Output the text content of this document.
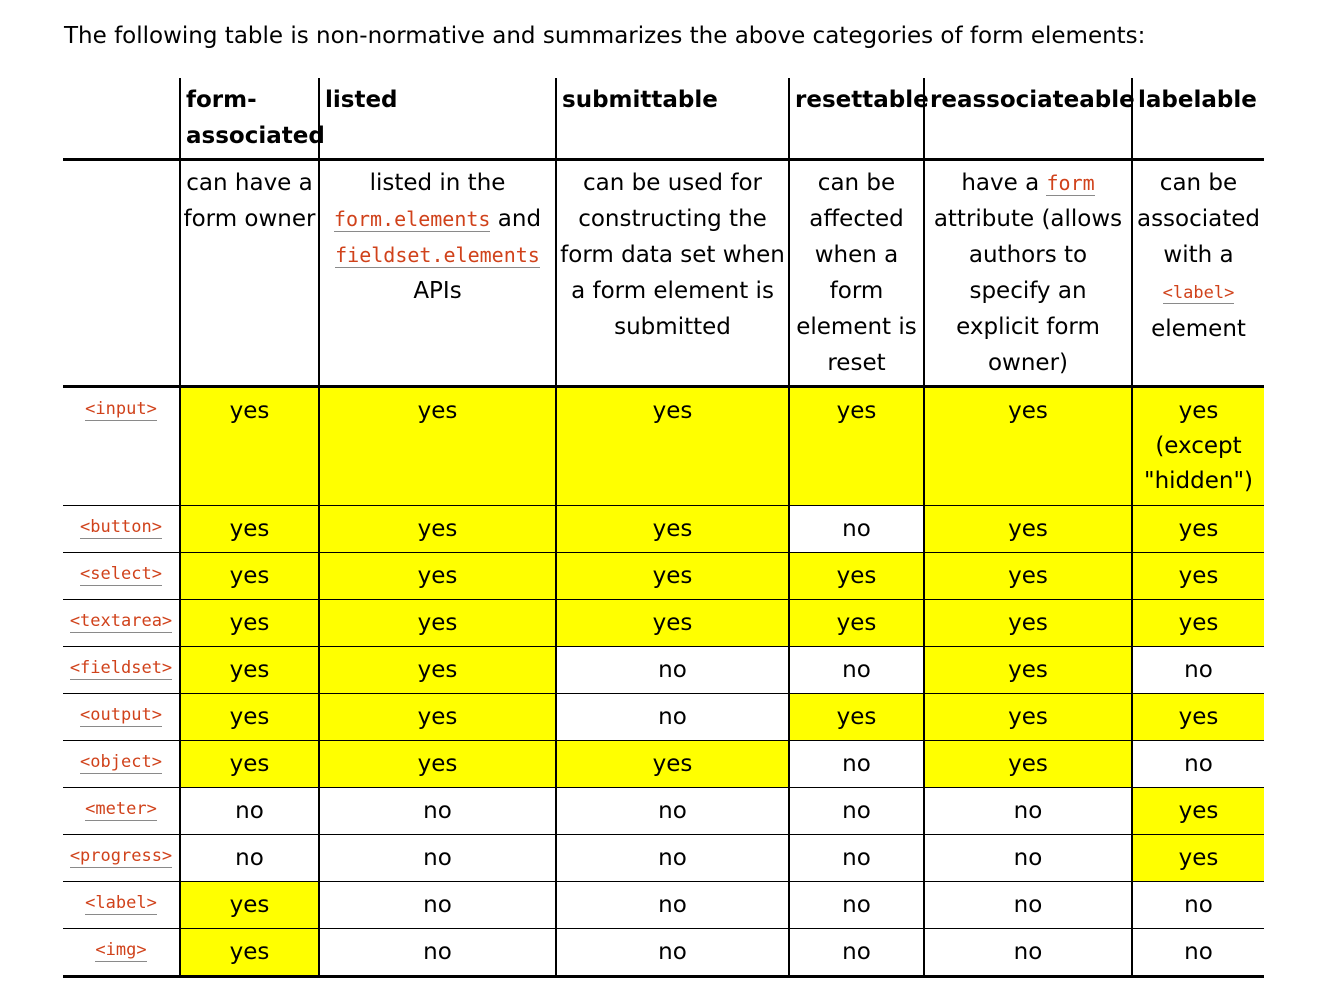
The following table is non-normative and summarizes the above categories of form elements:

	form-associated	listed	submittable	resettable	reassociateable	labelable
	can have a form owner	listed in the
form.elements and
fieldset.elements
APIs	can be used for constructing the form data set when a form element is submitted	can be affected when a form element is reset	have a form attribute (allows authors to specify an explicit form owner)	can be associated with a
<label>
element
<input>	yes	yes	yes	yes	yes	yes (except "hidden")
<button>	yes	yes	yes	no	yes	yes
<select>	yes	yes	yes	yes	yes	yes
<textarea>	yes	yes	yes	yes	yes	yes
<fieldset>	yes	yes	no	no	yes	no
<output>	yes	yes	no	yes	yes	yes
<object>	yes	yes	yes	no	yes	no
<meter>	no	no	no	no	no	yes
<progress>	no	no	no	no	no	yes
<label>	yes	no	no	no	no	no
<img>	yes	no	no	no	no	no
